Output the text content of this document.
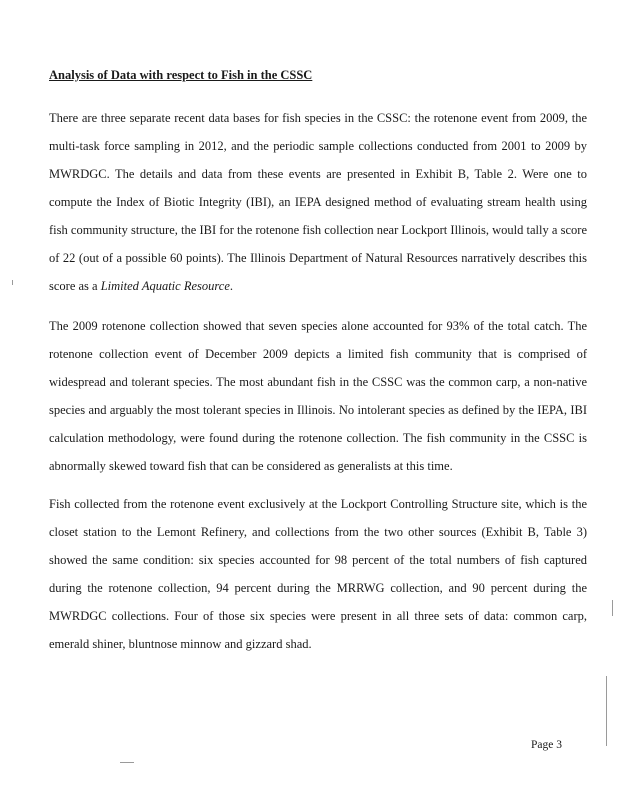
Analysis of Data with respect to Fish in the CSSC

There are three separate recent data bases for fish species in the CSSC: the rotenone event from 2009, the multi-task force sampling in 2012, and the periodic sample collections conducted from 2001 to 2009 by MWRDGC. The details and data from these events are presented in Exhibit B, Table 2. Were one to compute the Index of Biotic Integrity (IBI), an IEPA designed method of evaluating stream health using fish community structure, the IBI for the rotenone fish collection near Lockport Illinois, would tally a score of 22 (out of a possible 60 points). The Illinois Department of Natural Resources narratively describes this score as a Limited Aquatic Resource.

The 2009 rotenone collection showed that seven species alone accounted for 93% of the total catch. The rotenone collection event of December 2009 depicts a limited fish community that is comprised of widespread and tolerant species. The most abundant fish in the CSSC was the common carp, a non-native species and arguably the most tolerant species in Illinois. No intolerant species as defined by the IEPA, IBI calculation methodology, were found during the rotenone collection. The fish community in the CSSC is abnormally skewed toward fish that can be considered as generalists at this time.

Fish collected from the rotenone event exclusively at the Lockport Controlling Structure site, which is the closet station to the Lemont Refinery, and collections from the two other sources (Exhibit B, Table 3) showed the same condition: six species accounted for 98 percent of the total numbers of fish captured during the rotenone collection, 94 percent during the MRRWG collection, and 90 percent during the MWRDGC collections. Four of those six species were present in all three sets of data: common carp, emerald shiner, bluntnose minnow and gizzard shad.

Page 3
